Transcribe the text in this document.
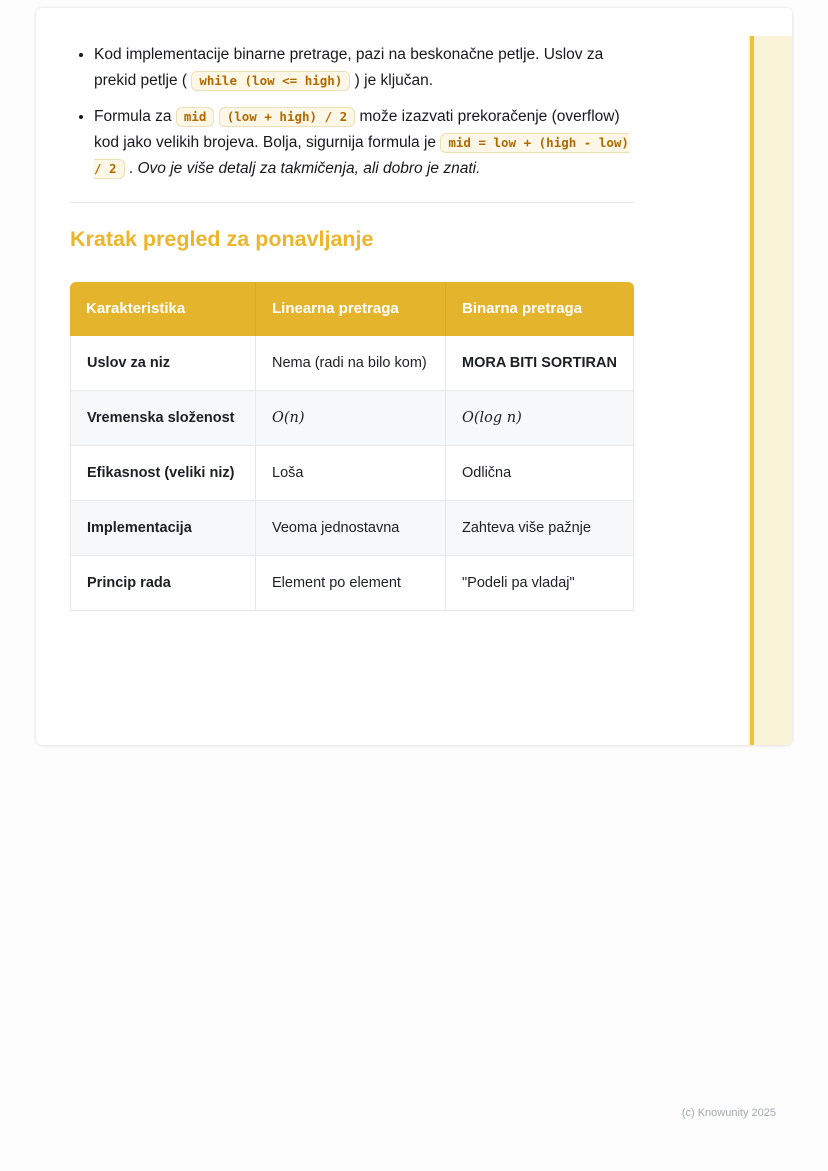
• Kod implementacije binarne pretrage, pazi na beskonačne petlje. Uslov za prekid petlje ( while (low <= high) ) je ključan.
• Formula za mid (low + high) / 2 može izazvati prekoračenje (overflow) kod jako velikih brojeva. Bolja, sigurnija formula je mid = low + (high - low) / 2 . Ovo je više detalj za takmičenja, ali dobro je znati.
Kratak pregled za ponavljanje
Karakteristika	Linearna pretraga	Binarna pretraga
Uslov za niz	Nema (radi na bilo kom)	MORA BITI SORTIRAN
Vremenska složenost	O(n)	O(log n)
Efikasnost (veliki niz)	Loša	Odlična
Implementacija	Veoma jednostavna	Zahteva više pažnje
Princip rada	Element po element	"Podeli pa vladaj"
(c) Knowunity 2025
